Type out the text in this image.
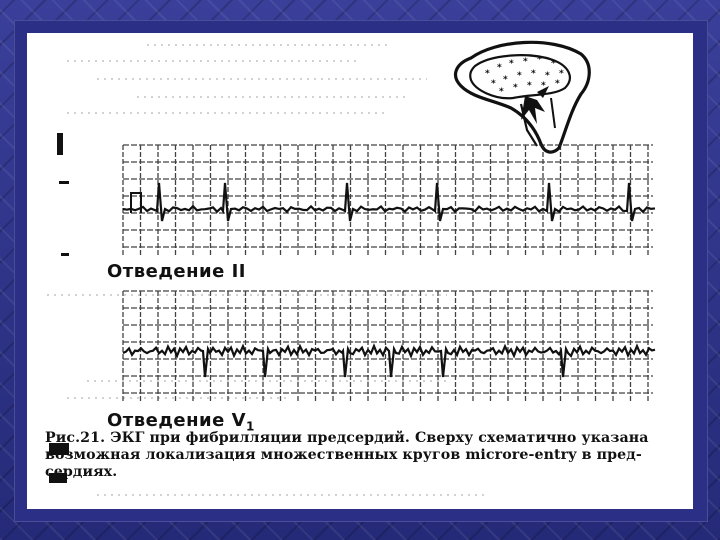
*
* * * * *
* * * * * *
* * * * *
Отведение II
Отведение $V_1$
Рис.21. ЭКГ при фибрилляции предсердий. Сверху схематично указана
возможная локализация множественных кругов microre-entry в пред-
сердиях.
